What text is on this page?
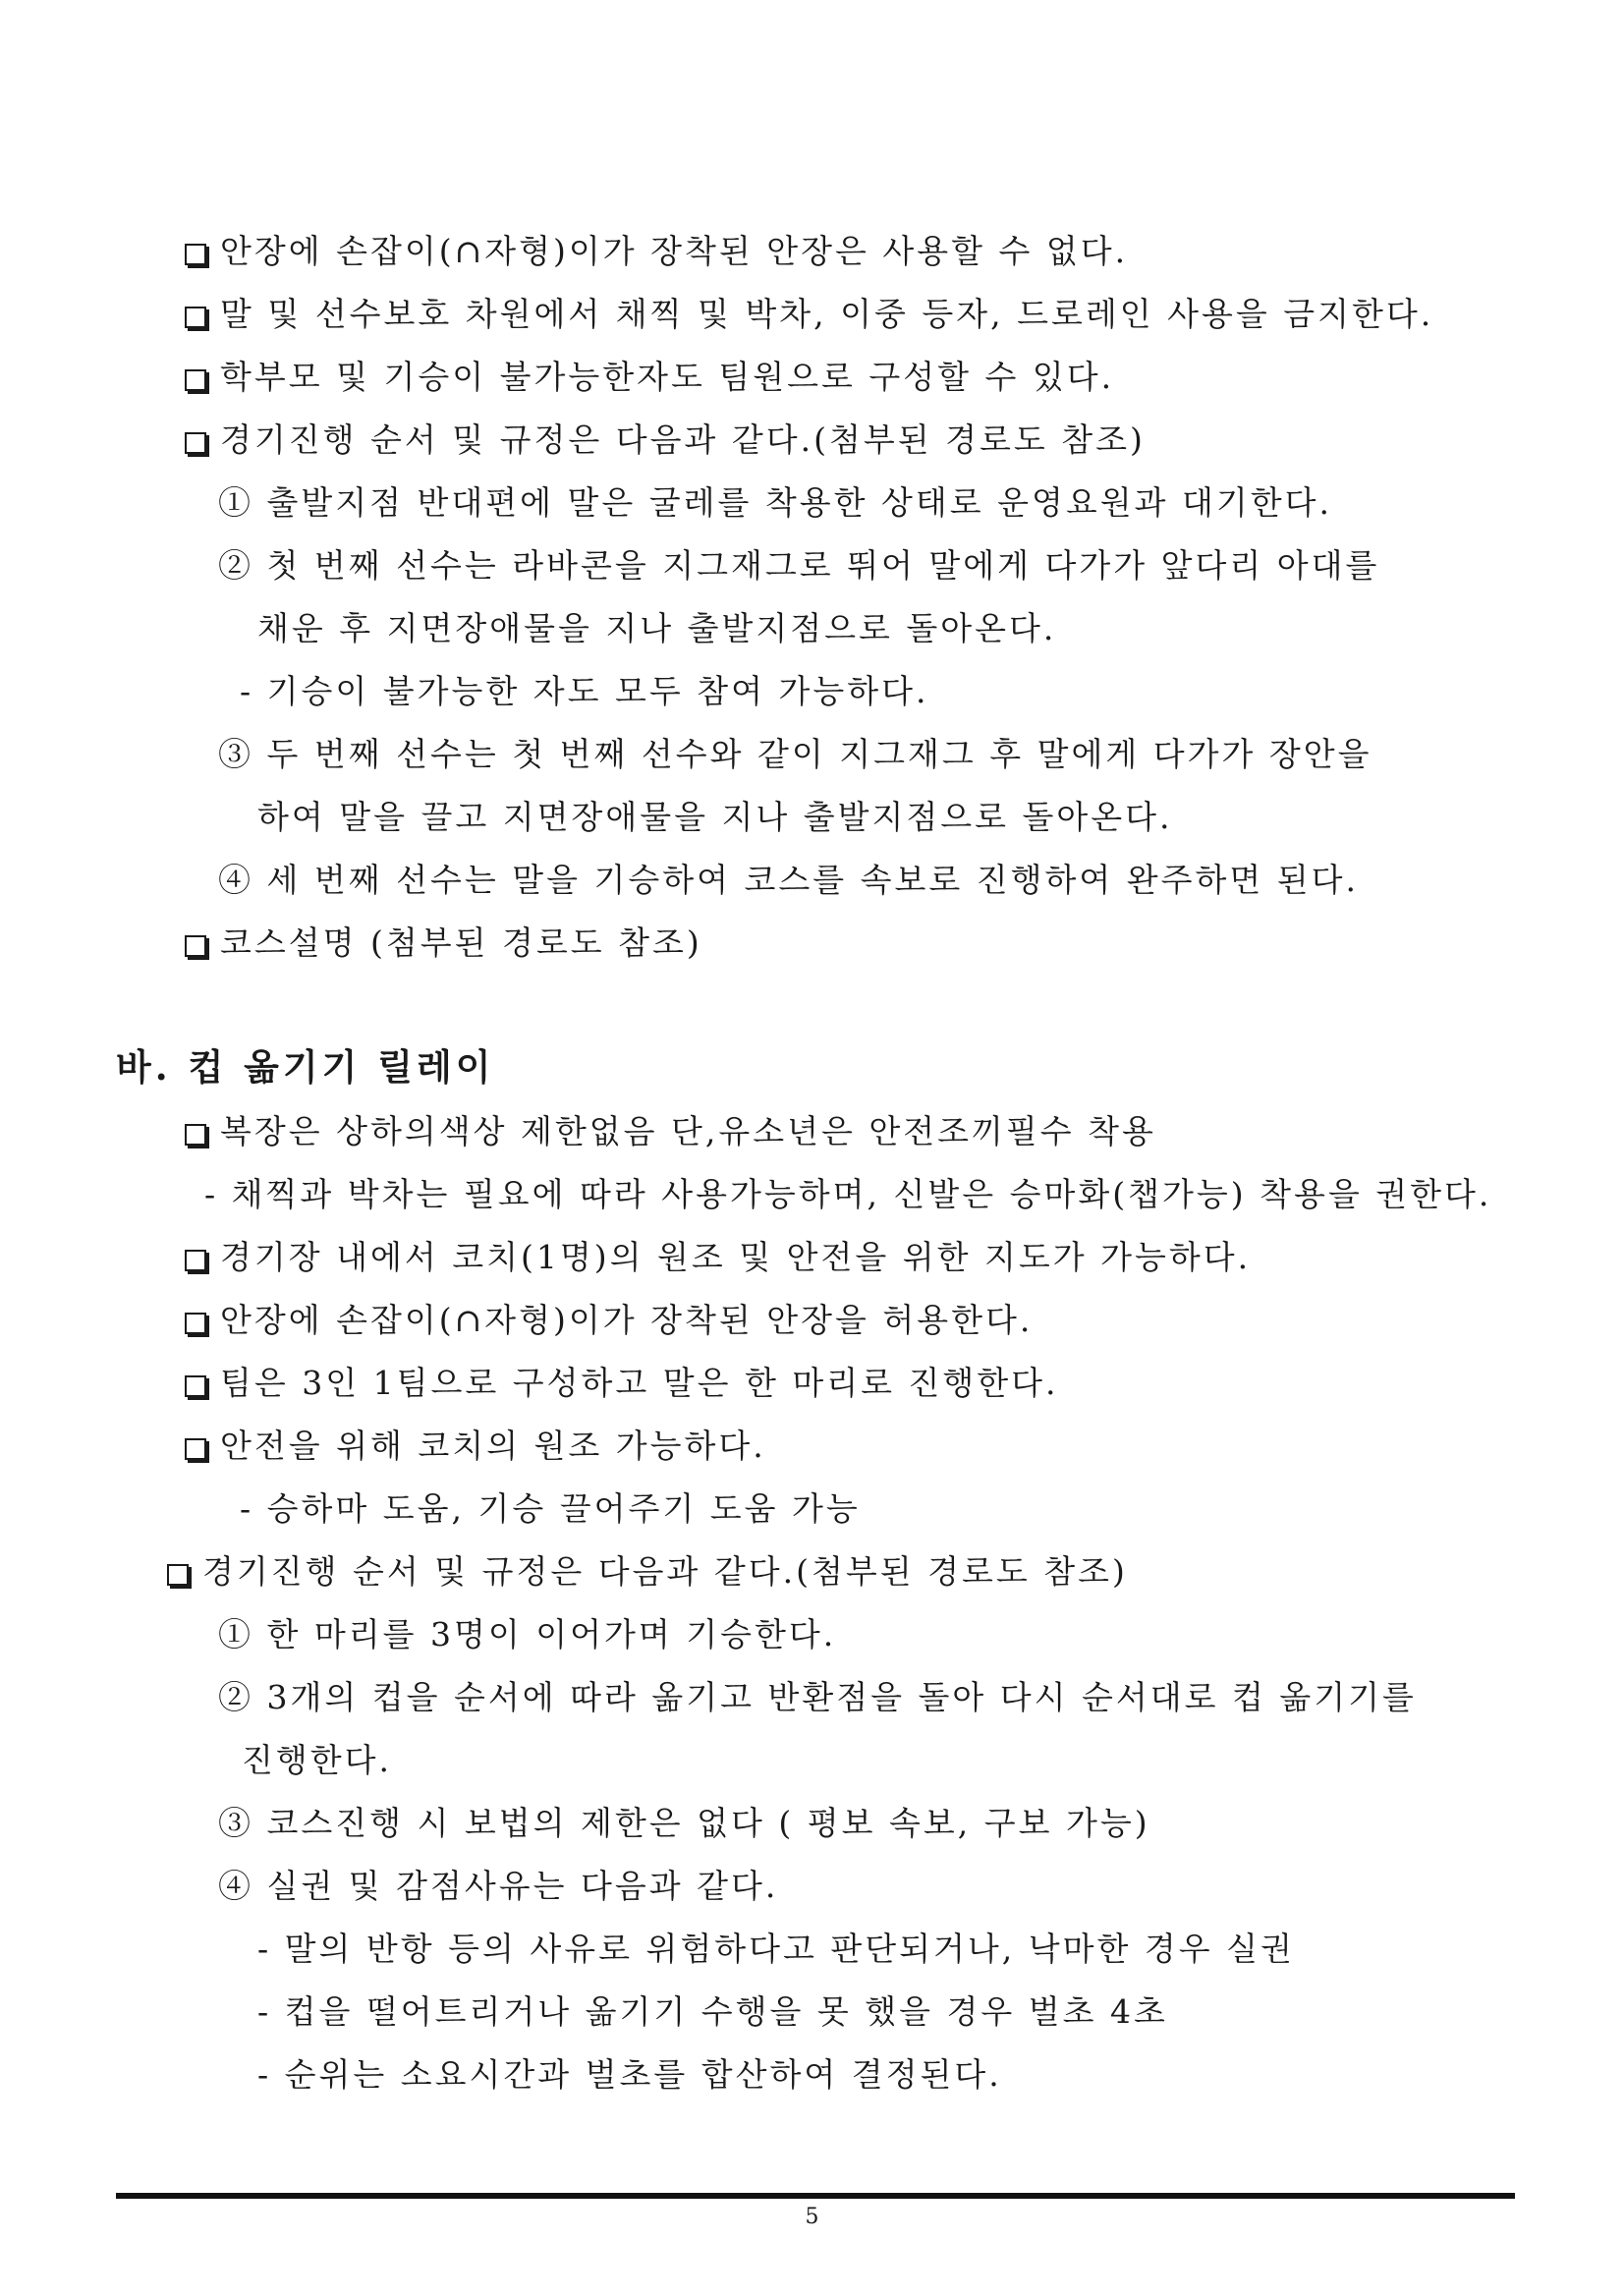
안장에 손잡이(∩자형)이가 장착된 안장은 사용할 수 없다.
말 및 선수보호 차원에서 채찍 및 박차, 이중 등자, 드로레인 사용을 금지한다.
학부모 및 기승이 불가능한자도 팀원으로 구성할 수 있다.
경기진행 순서 및 규정은 다음과 같다.(첨부된 경로도 참조)
① 출발지점 반대편에 말은 굴레를 착용한 상태로 운영요원과 대기한다.
② 첫 번째 선수는 라바콘을 지그재그로 뛰어 말에게 다가가 앞다리 아대를
채운 후 지면장애물을 지나 출발지점으로 돌아온다.
- 기승이 불가능한 자도 모두 참여 가능하다.
③ 두 번째 선수는 첫 번째 선수와 같이 지그재그 후 말에게 다가가 장안을
하여 말을 끌고 지면장애물을 지나 출발지점으로 돌아온다.
④ 세 번째 선수는 말을 기승하여 코스를 속보로 진행하여 완주하면 된다.
코스설명 (첨부된 경로도 참조)
바. 컵 옮기기 릴레이
복장은 상하의색상 제한없음 단,유소년은 안전조끼필수 착용
- 채찍과 박차는 필요에 따라 사용가능하며, 신발은 승마화(챕가능) 착용을 권한다.
경기장 내에서 코치(1명)의 원조 및 안전을 위한 지도가 가능하다.
안장에 손잡이(∩자형)이가 장착된 안장을 허용한다.
팀은 3인 1팀으로 구성하고 말은 한 마리로 진행한다.
안전을 위해 코치의 원조 가능하다.
- 승하마 도움, 기승 끌어주기 도움 가능
경기진행 순서 및 규정은 다음과 같다.(첨부된 경로도 참조)
① 한 마리를 3명이 이어가며 기승한다.
② 3개의 컵을 순서에 따라 옮기고 반환점을 돌아 다시 순서대로 컵 옮기기를
진행한다.
③ 코스진행 시 보법의 제한은 없다 ( 평보 속보, 구보 가능)
④ 실권 및 감점사유는 다음과 같다.
- 말의 반항 등의 사유로 위험하다고 판단되거나, 낙마한 경우 실권
- 컵을 떨어트리거나 옮기기 수행을 못 했을 경우 벌초 4초
- 순위는 소요시간과 벌초를 합산하여 결정된다.
5
